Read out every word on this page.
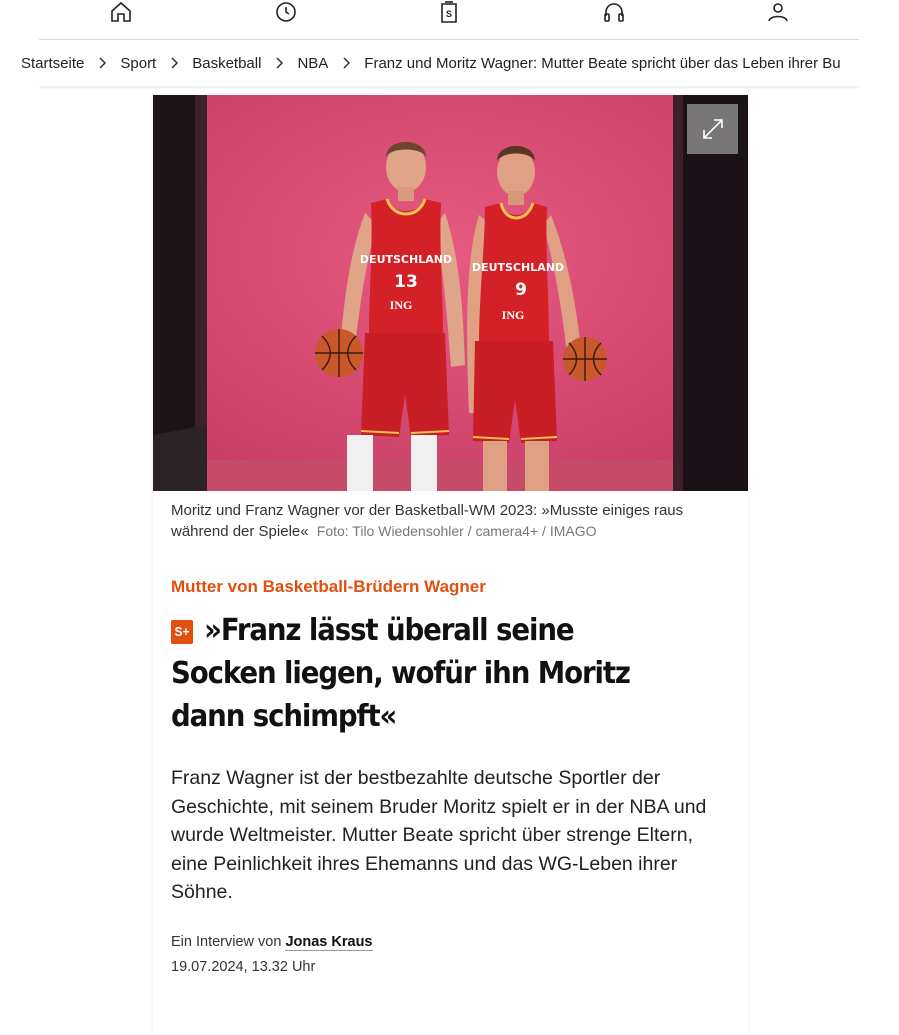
S
Startseite Sport Basketball NBA Franz und Moritz Wagner: Mutter Beate spricht über das Leben ihrer Bu
DEUTSCHLAND
13
ING
DEUTSCHLAND
9
ING
Moritz und Franz Wagner vor der Basketball-WM 2023: »Musste einiges raus während der Spiele« Foto: Tilo Wiedensohler / camera4+ / IMAGO
Mutter von Basketball-Brüdern Wagner
S+ »Franz lässt überall seine Socken liegen, wofür ihn Moritz dann schimpft«

Franz Wagner ist der bestbezahlte deutsche Sportler der Geschichte, mit seinem Bruder Moritz spielt er in der NBA und wurde Weltmeister. Mutter Beate spricht über strenge Eltern, eine Peinlichkeit ihres Ehemanns und das WG-Leben ihrer Söhne.

Ein Interview von Jonas Kraus
19.07.2024, 13.32 Uhr
